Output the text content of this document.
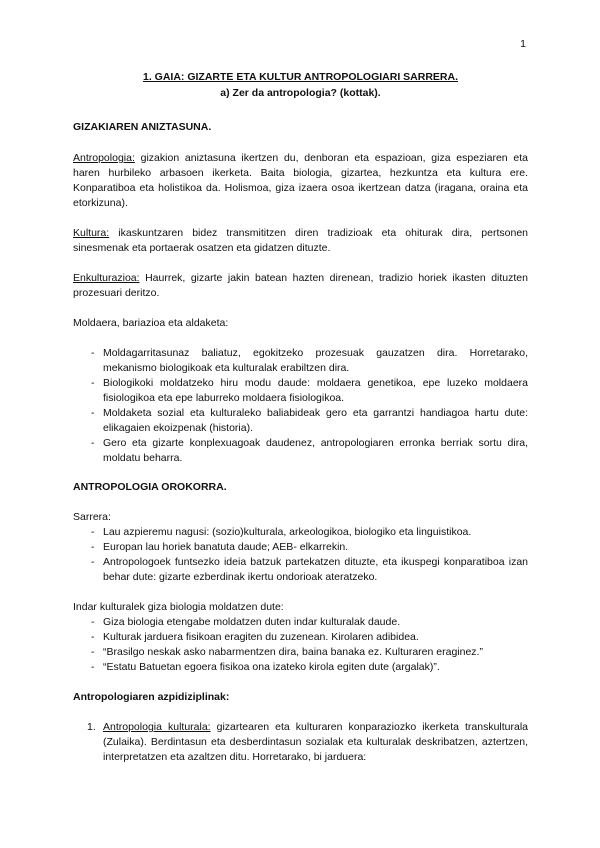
1

1. GAIA: GIZARTE ETA KULTUR ANTROPOLOGIARI SARRERA.

a) Zer da antropologia? (kottak).

GIZAKIAREN ANIZTASUNA.

Antropologia: gizakion aniztasuna ikertzen du, denboran eta espazioan, giza espeziaren eta haren hurbileko arbasoen ikerketa. Baita biologia, gizartea, hezkuntza eta kultura ere. Konparatiboa eta holistikoa da. Holismoa, giza izaera osoa ikertzean datza (iragana, oraina eta etorkizuna).

Kultura: ikaskuntzaren bidez transmititzen diren tradizioak eta ohiturak dira, pertsonen sinesmenak eta portaerak osatzen eta gidatzen dituzte.

Enkulturazioa: Haurrek, gizarte jakin batean hazten direnean, tradizio horiek ikasten dituzten prozesuari deritzo.

Moldaera, bariazioa eta aldaketa:

- Moldagarritasunaz baliatuz, egokitzeko prozesuak gauzatzen dira. Horretarako, mekanismo biologikoak eta kulturalak erabiltzen dira.
- Biologikoki moldatzeko hiru modu daude: moldaera genetikoa, epe luzeko moldaera fisiologikoa eta epe laburreko moldaera fisiologikoa.
- Moldaketa sozial eta kulturaleko baliabideak gero eta garrantzi handiagoa hartu dute: elikagaien ekoizpenak (historia).
- Gero eta gizarte konplexuagoak daudenez, antropologiaren erronka berriak sortu dira, moldatu beharra.
ANTROPOLOGIA OROKORRA.

Sarrera:

- Lau azpieremu nagusi: (sozio)kulturala, arkeologikoa, biologiko eta linguistikoa.
- Europan lau horiek banatuta daude; AEB- elkarrekin.
- Antropologoek funtsezko ideia batzuk partekatzen dituzte, eta ikuspegi konparatiboa izan behar dute: gizarte ezberdinak ikertu ondorioak ateratzeko.

Indar kulturalek giza biologia moldatzen dute:

- Giza biologia etengabe moldatzen duten indar kulturalak daude.
- Kulturak jarduera fisikoan eragiten du zuzenean. Kirolaren adibidea.
- “Brasilgo neskak asko nabarmentzen dira, baina banaka ez. Kulturaren eraginez.”
- “Estatu Batuetan egoera fisikoa ona izateko kirola egiten dute (argalak)”.
Antropologiaren azpidiziplinak:
1. Antropologia kulturala: gizartearen eta kulturaren konparaziozko ikerketa transkulturala (Zulaika). Berdintasun eta desberdintasun sozialak eta kulturalak deskribatzen, aztertzen, interpretatzen eta azaltzen ditu. Horretarako, bi jarduera:
